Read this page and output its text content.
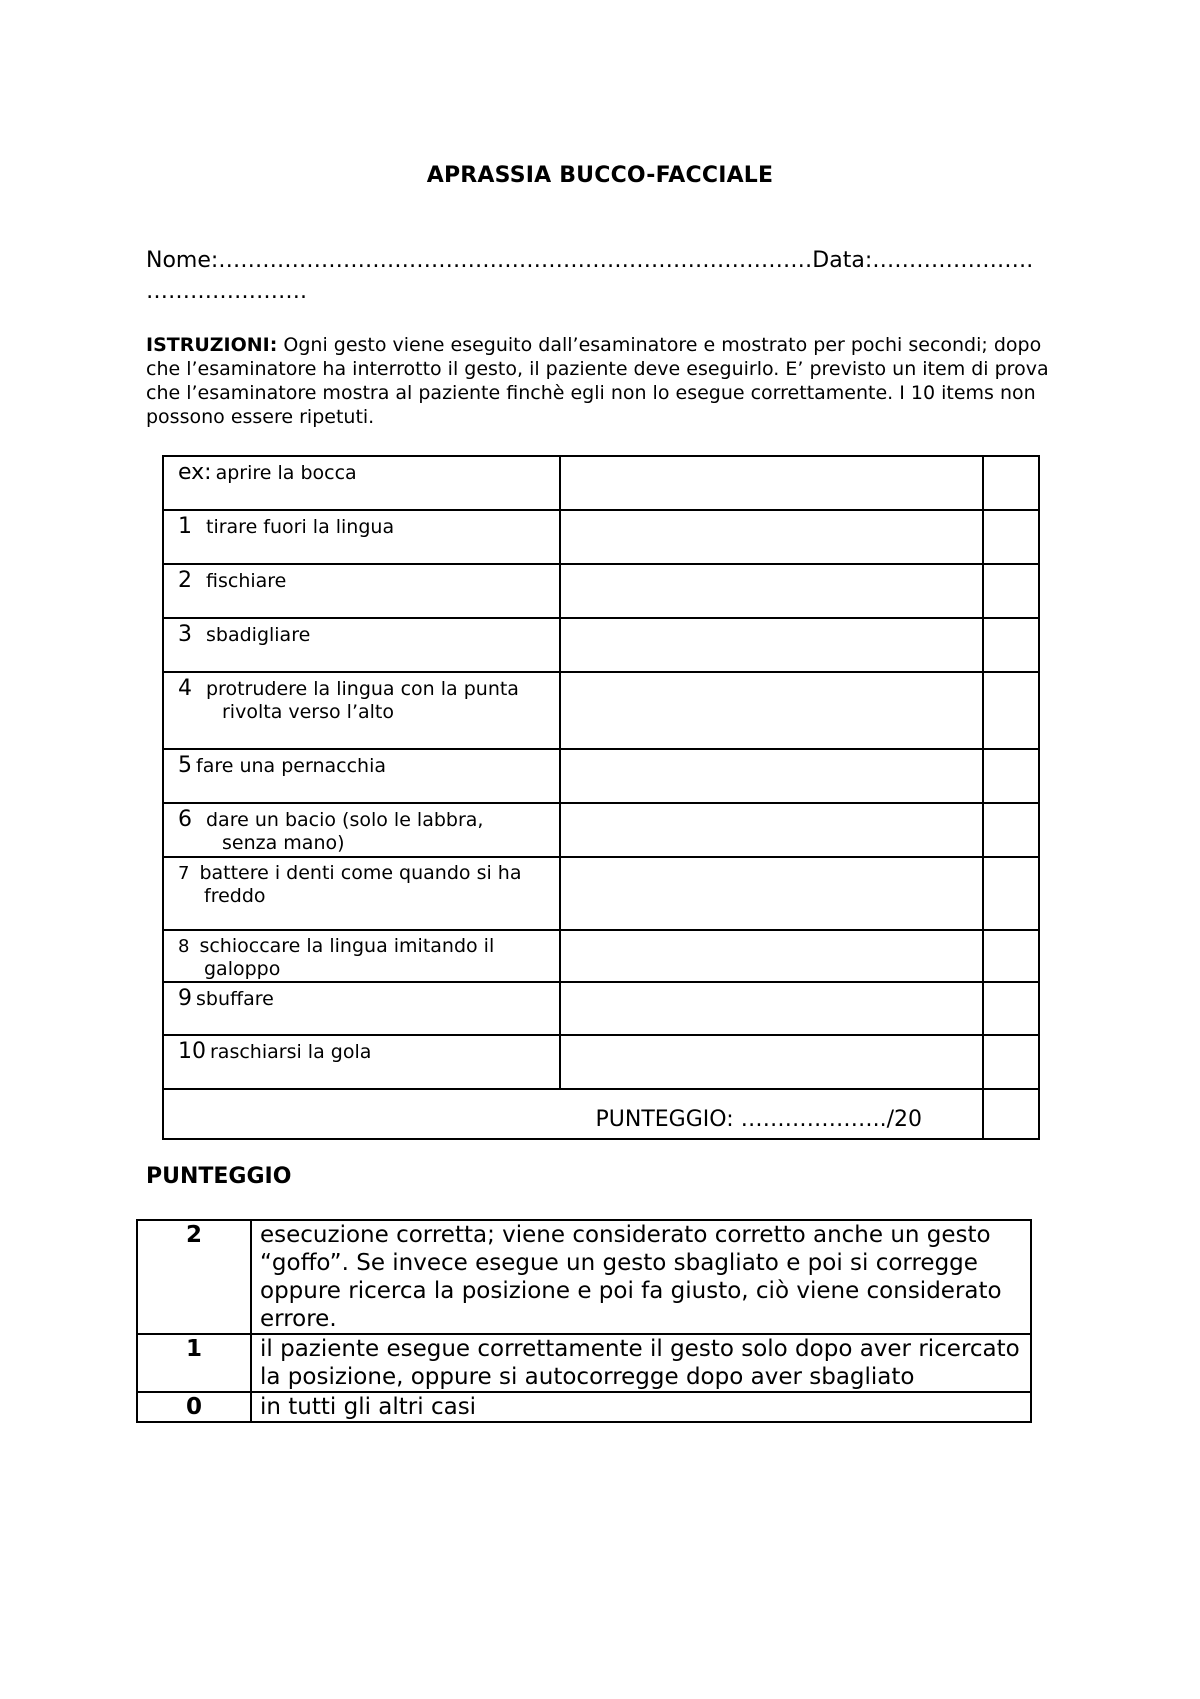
APRASSIA BUCCO-FACCIALE
Nome:………………………………………………………………………Data:………………….
………………….
ISTRUZIONI: Ogni gesto viene eseguito dall’esaminatore e mostrato per pochi secondi; dopo che l’esaminatore ha interrotto il gesto, il paziente deve eseguirlo. E’ previsto un item di prova che l’esaminatore mostra al paziente finchè egli non lo esegue correttamente. I 10 items non possono essere ripetuti.
ex: aprire la bocca		
1 tirare fuori la lingua		
2 fischiare		
3 sbadigliare		
4 protrudere la lingua con la punta
rivolta verso l’alto		

5 fare una pernacchia		
6 dare un bacio (solo le labbra,
senza mano)		

7 battere i denti come quando si ha
freddo		

8 schioccare la lingua imitando il
galoppo		

9 sbuffare		
10 raschiarsi la gola		
PUNTEGGIO: ………………../20		
PUNTEGGIO
2	esecuzione corretta; viene considerato corretto anche un gesto “goffo”. Se invece esegue un gesto sbagliato e poi si corregge oppure ricerca la posizione e poi fa giusto, ciò viene considerato errore.
1	il paziente esegue correttamente il gesto solo dopo aver ricercato la posizione, oppure si autocorregge dopo aver sbagliato
0	in tutti gli altri casi
